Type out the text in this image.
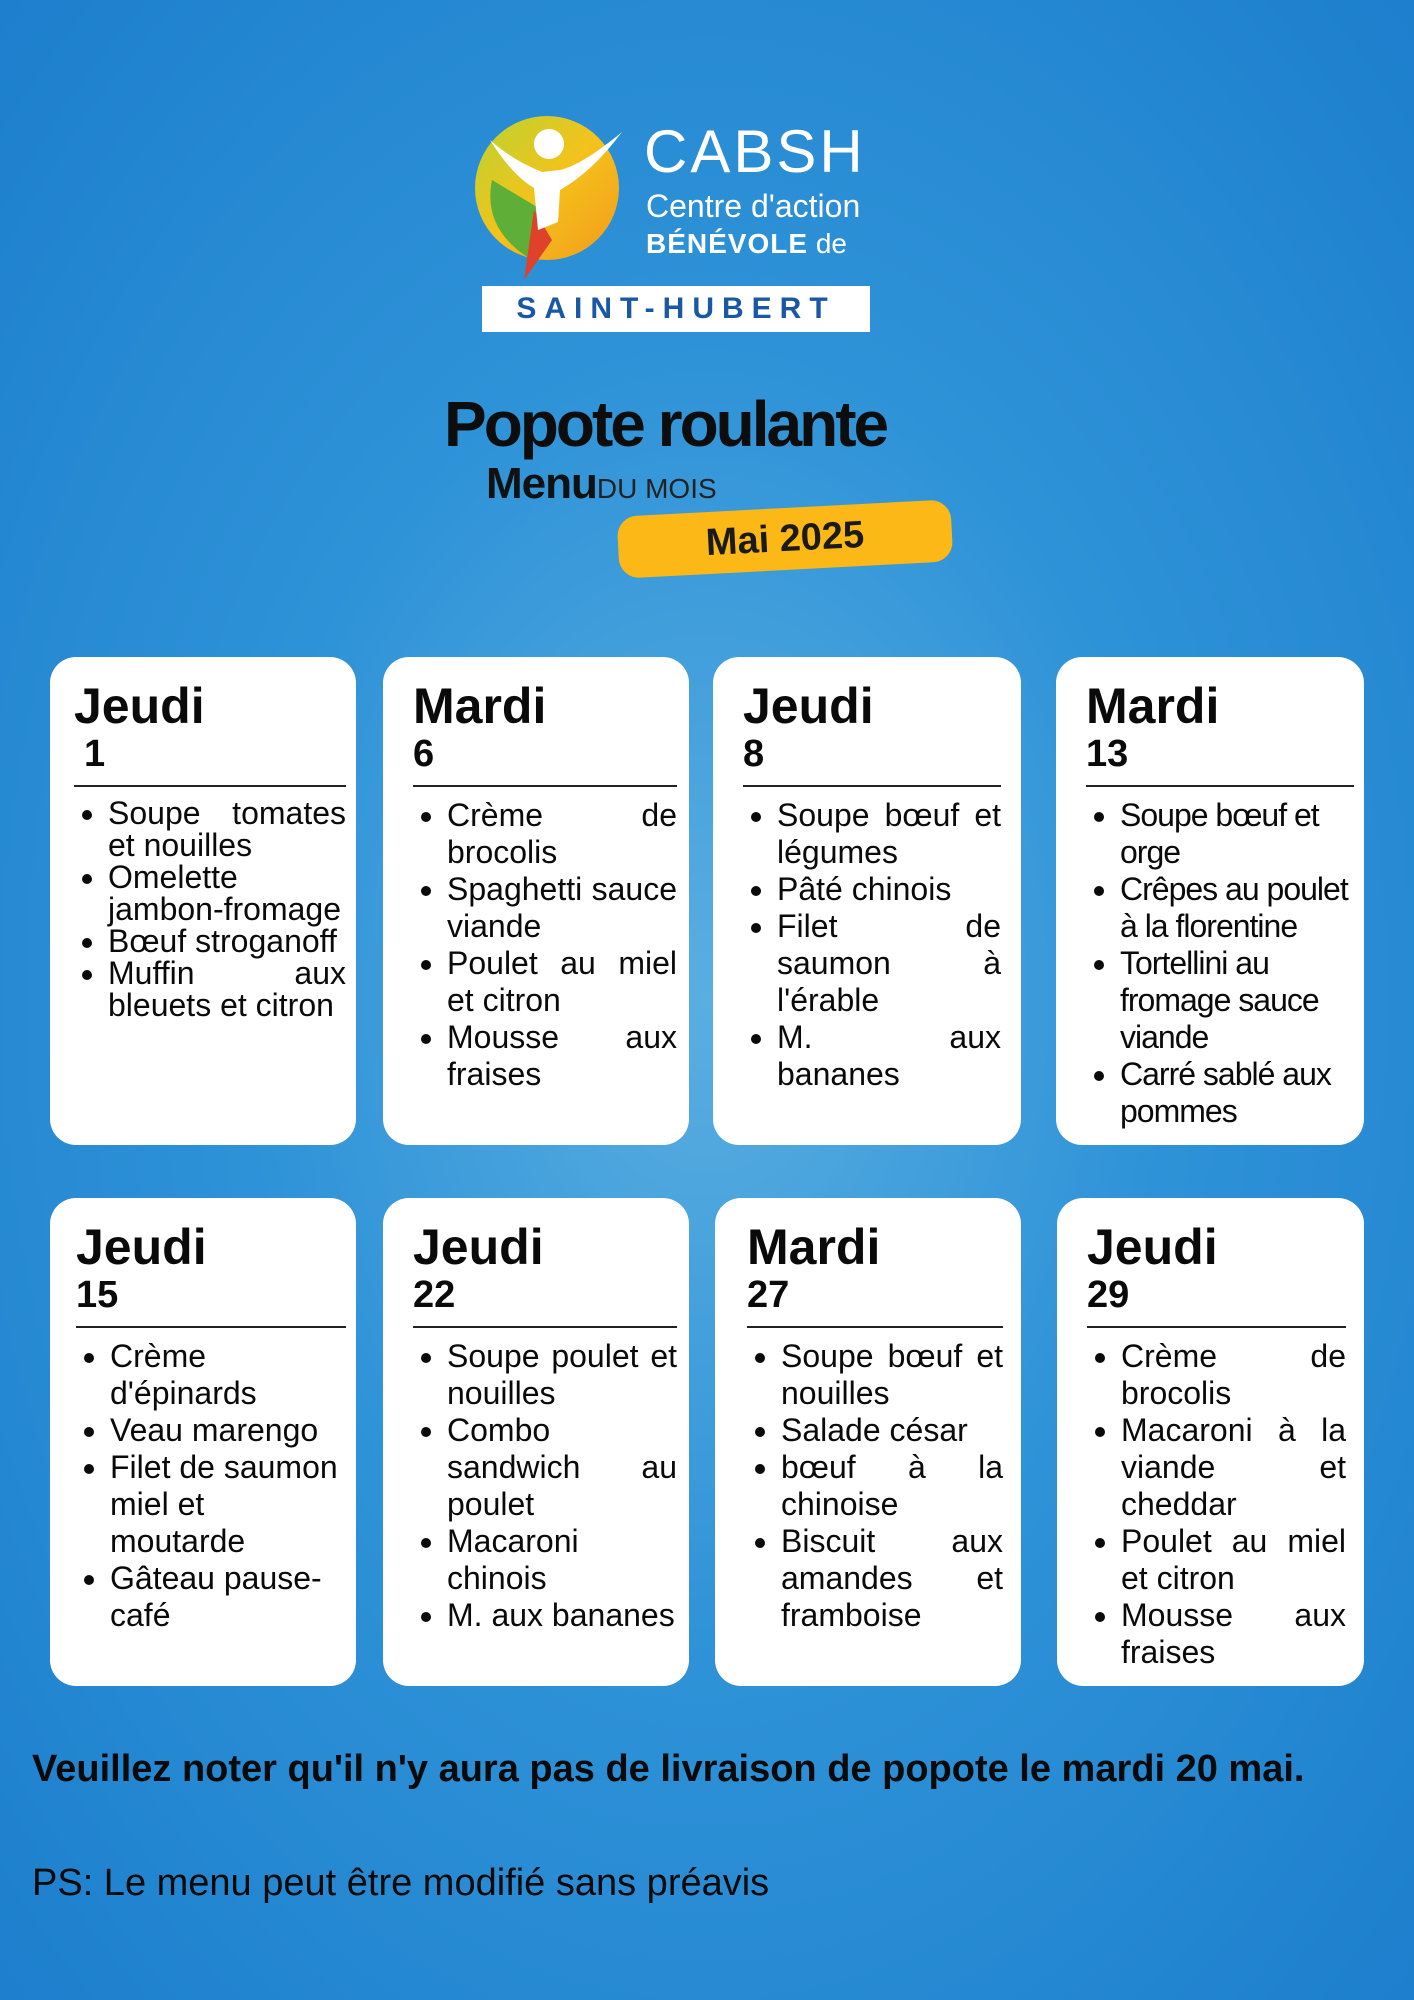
CABSH
Centre d'action
BÉNÉVOLE de
SAINT-HUBERT
Popote roulante
MenuDU MOIS
Mai 2025
Jeudi
1
• Soupe tomates et nouilles
• Omelette jambon-fromage
• Bœuf stroganoff
• Muffin aux bleuets et citron
Mardi
6
• Crème de brocolis
• Spaghetti sauce viande
• Poulet au miel et citron
• Mousse aux fraises
Jeudi
8
• Soupe bœuf et légumes
• Pâté chinois
• Filet de saumon à l'érable
• M. aux bananes
Mardi
13
• Soupe bœuf et orge
• Crêpes au poulet à la florentine
• Tortellini au fromage sauce viande
• Carré sablé aux pommes
Jeudi
15
• Crème d'épinards
• Veau marengo
• Filet de saumon miel et moutarde
• Gâteau pause-café
Jeudi
22
• Soupe poulet et nouilles
• Combo sandwich au poulet
• Macaroni chinois
• M. aux bananes
Mardi
27
• Soupe bœuf et nouilles
• Salade césar
• bœuf à la chinoise
• Biscuit aux amandes et framboise
Jeudi
29
• Crème de brocolis
• Macaroni à la viande et cheddar
• Poulet au miel et citron
• Mousse aux fraises
Veuillez noter qu'il n'y aura pas de livraison de popote le mardi 20 mai.
PS: Le menu peut être modifié sans préavis
